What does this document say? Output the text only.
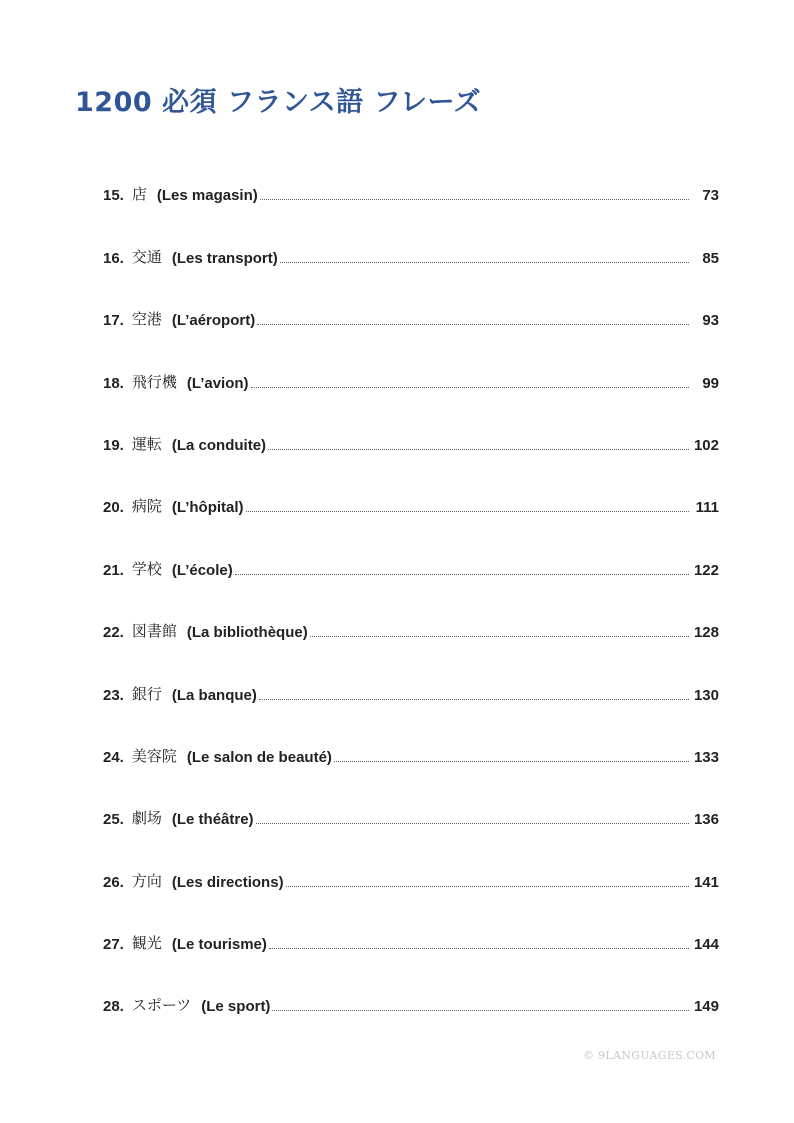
1200 必須 フランス語 フレーズ
15. 店 (Les magasin)	73
16. 交通 (Les transport)	85
17. 空港 (L’aéroport)	93
18. 飛行機 (L’avion)	99
19. 運転 (La conduite)	102
20. 病院 (L’hôpital)	111
21. 学校 (L’école)	122
22. 図書館 (La bibliothèque)	128
23. 銀行 (La banque)	130
24. 美容院 (Le salon de beauté)	133
25. 劇场 (Le théâtre)	136
26. 方向 (Les directions)	141
27. 観光 (Le tourisme)	144
28. スポーツ (Le sport)	149
© 9LANGUAGES.COM
